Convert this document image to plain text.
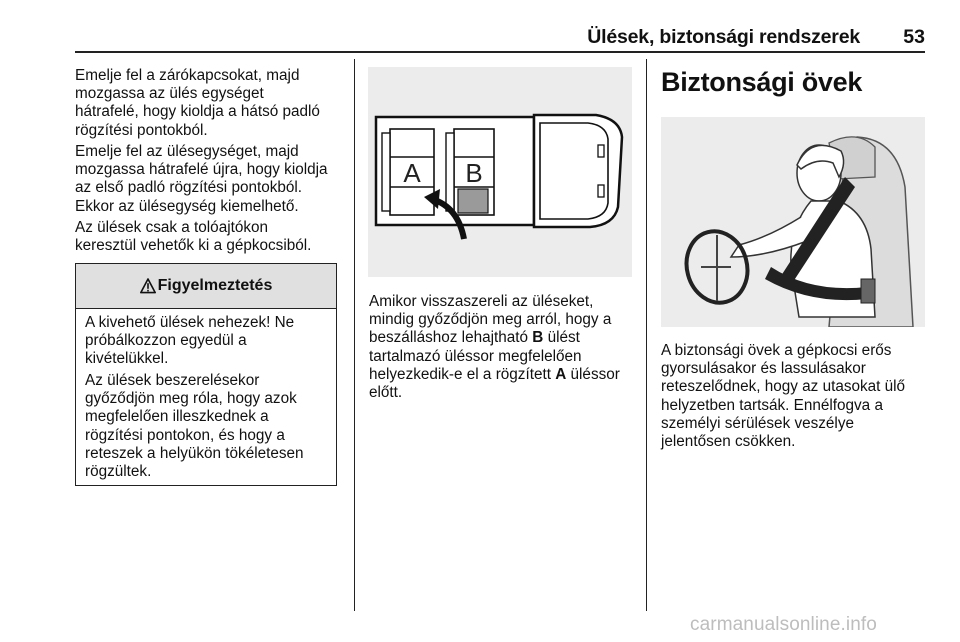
Ülések, biztonsági rendszerek	53

Emelje fel a zárókapcsokat, majd
mozgassa az ülés egységet
hátrafelé, hogy kioldja a hátsó padló
rögzítési pontokból.

Emelje fel az ülésegységet, majd
mozgassa hátrafelé újra, hogy kioldja
az első padló rögzítési pontokból.
Ekkor az ülésegység kiemelhető.

Az ülések csak a tolóajtókon
keresztül vehetők ki a gépkocsiból.

Figyelmeztetés

A kivehető ülések nehezek! Ne
próbálkozzon egyedül a
kivételükkel.

Az ülések beszerelésekor
győződjön meg róla, hogy azok
megfelelően illeszkednek a
rögzítési pontokon, és hogy a
reteszek a helyükön tökéletesen
rögzültek.

A B

Amikor visszaszereli az üléseket,
mindig győződjön meg arról, hogy a
beszálláshoz lehajtható B ülést
tartalmazó üléssor megfelelően
helyezkedik-e el a rögzített A üléssor
előtt.

Biztonsági övek

A biztonsági övek a gépkocsi erős
gyorsulásakor és lassulásakor
reteszelődnek, hogy az utasokat ülő
helyzetben tartsák. Ennélfogva a
személyi sérülések veszélye
jelentősen csökken.

carmanualsonline.info
